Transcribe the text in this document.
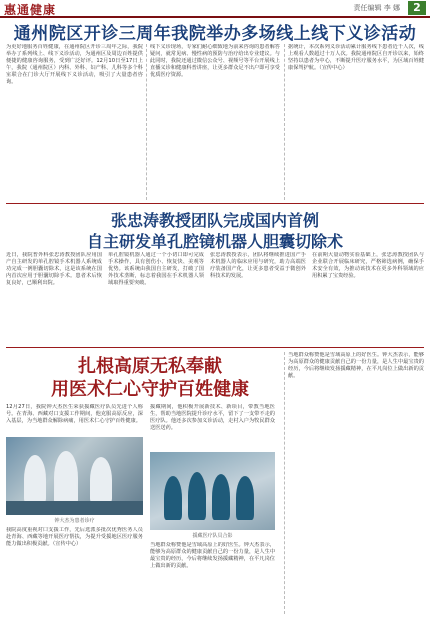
惠通健康	责任编辑 李 娜	2
通州院区开诊三周年我院举办多场线上线下义诊活动
为更好地服务百姓健康，在通州院区开诊三周年之际，我院举办了系列线上、线下义诊活动，为通州区及周边百姓提供便捷的健康咨询服务，受到广泛好评。12月10日至17日上午，我院（通州院区）内科、外科、妇产科、儿科等多个科室联合在门诊大厅开展线下义诊活动，吸引了大量患者咨询。
线下义诊现场，专家们耐心细致地为前来咨询的患者解答疑问，就常见病、慢性病的预防与治疗给出专业建议。与此同时，我院还通过微信公众号、视频号等平台开展线上直播义诊和健康科普讲座，让更多群众足不出户即可享受优质医疗资源。
据统计，本次系列义诊活动累计服务线下患者近千人次，线上观看人数超过十万人次。我院通州院区自开诊以来，始终坚持以患者为中心，不断提升医疗服务水平，为区域百姓健康保驾护航。（宣传中心）
张忠涛教授团队完成国内首例
自主研发单孔腔镜机器人胆囊切除术
近日，我院普外科张忠涛教授团队应用国产自主研发的单孔腔镜手术机器人系统成功完成一例胆囊切除术，这是该系统在国内首次应用于胆囊切除手术。患者术后恢复良好，已顺利出院。
单孔腔镜机器人通过一个小切口即可完成手术操作，具有创伤小、恢复快、美观等优势。该系统由我国自主研发，打破了国外技术垄断，标志着我国在手术机器人领域取得重要突破。
张忠涛教授表示，团队将继续推进国产手术机器人的临床应用与研究，助力高端医疗装备国产化，让更多患者受益于微创外科技术的发展。
在前期大量动物实验基础上，张忠涛教授团队与企业联合开展临床研究，严格筛选病例，确保手术安全有效，为推动该技术在更多外科领域的应用积累了宝贵经验。
扎根高原无私奉献
用医术仁心守护百姓健康
12月27日，我院钟大杰医生荣获援藏医疗队员先进个人称号。在青海、西藏对口支援工作期间，他克服高原反应，深入基层，为当地群众解除病痛，用医术仁心守护百姓健康。
钟大杰为患者诊疗
我院高度重视对口支援工作，先后选派多批次优秀医务人员赴青海、西藏等地开展医疗帮扶，为提升受援地区医疗服务能力做出积极贡献。（宣传中心）
援藏期间，他积极开展新技术、新项目，带教当地医生，帮助当地医院提升诊疗水平，留下了一支带不走的医疗队。他还多次参加义诊活动，走村入户为牧民群众送医送药。
援藏医疗队员合影
当地群众称赞他是雪域高原上的好医生。钟大杰表示，能够为高原群众的健康贡献自己的一份力量，是人生中最宝贵的经历，今后将继续发扬援藏精神，在平凡岗位上做出新的贡献。
当地群众称赞他是雪域高原上的好医生。钟大杰表示，能够为高原群众的健康贡献自己的一份力量，是人生中最宝贵的经历，今后将继续发扬援藏精神，在平凡岗位上做出新的贡献。
